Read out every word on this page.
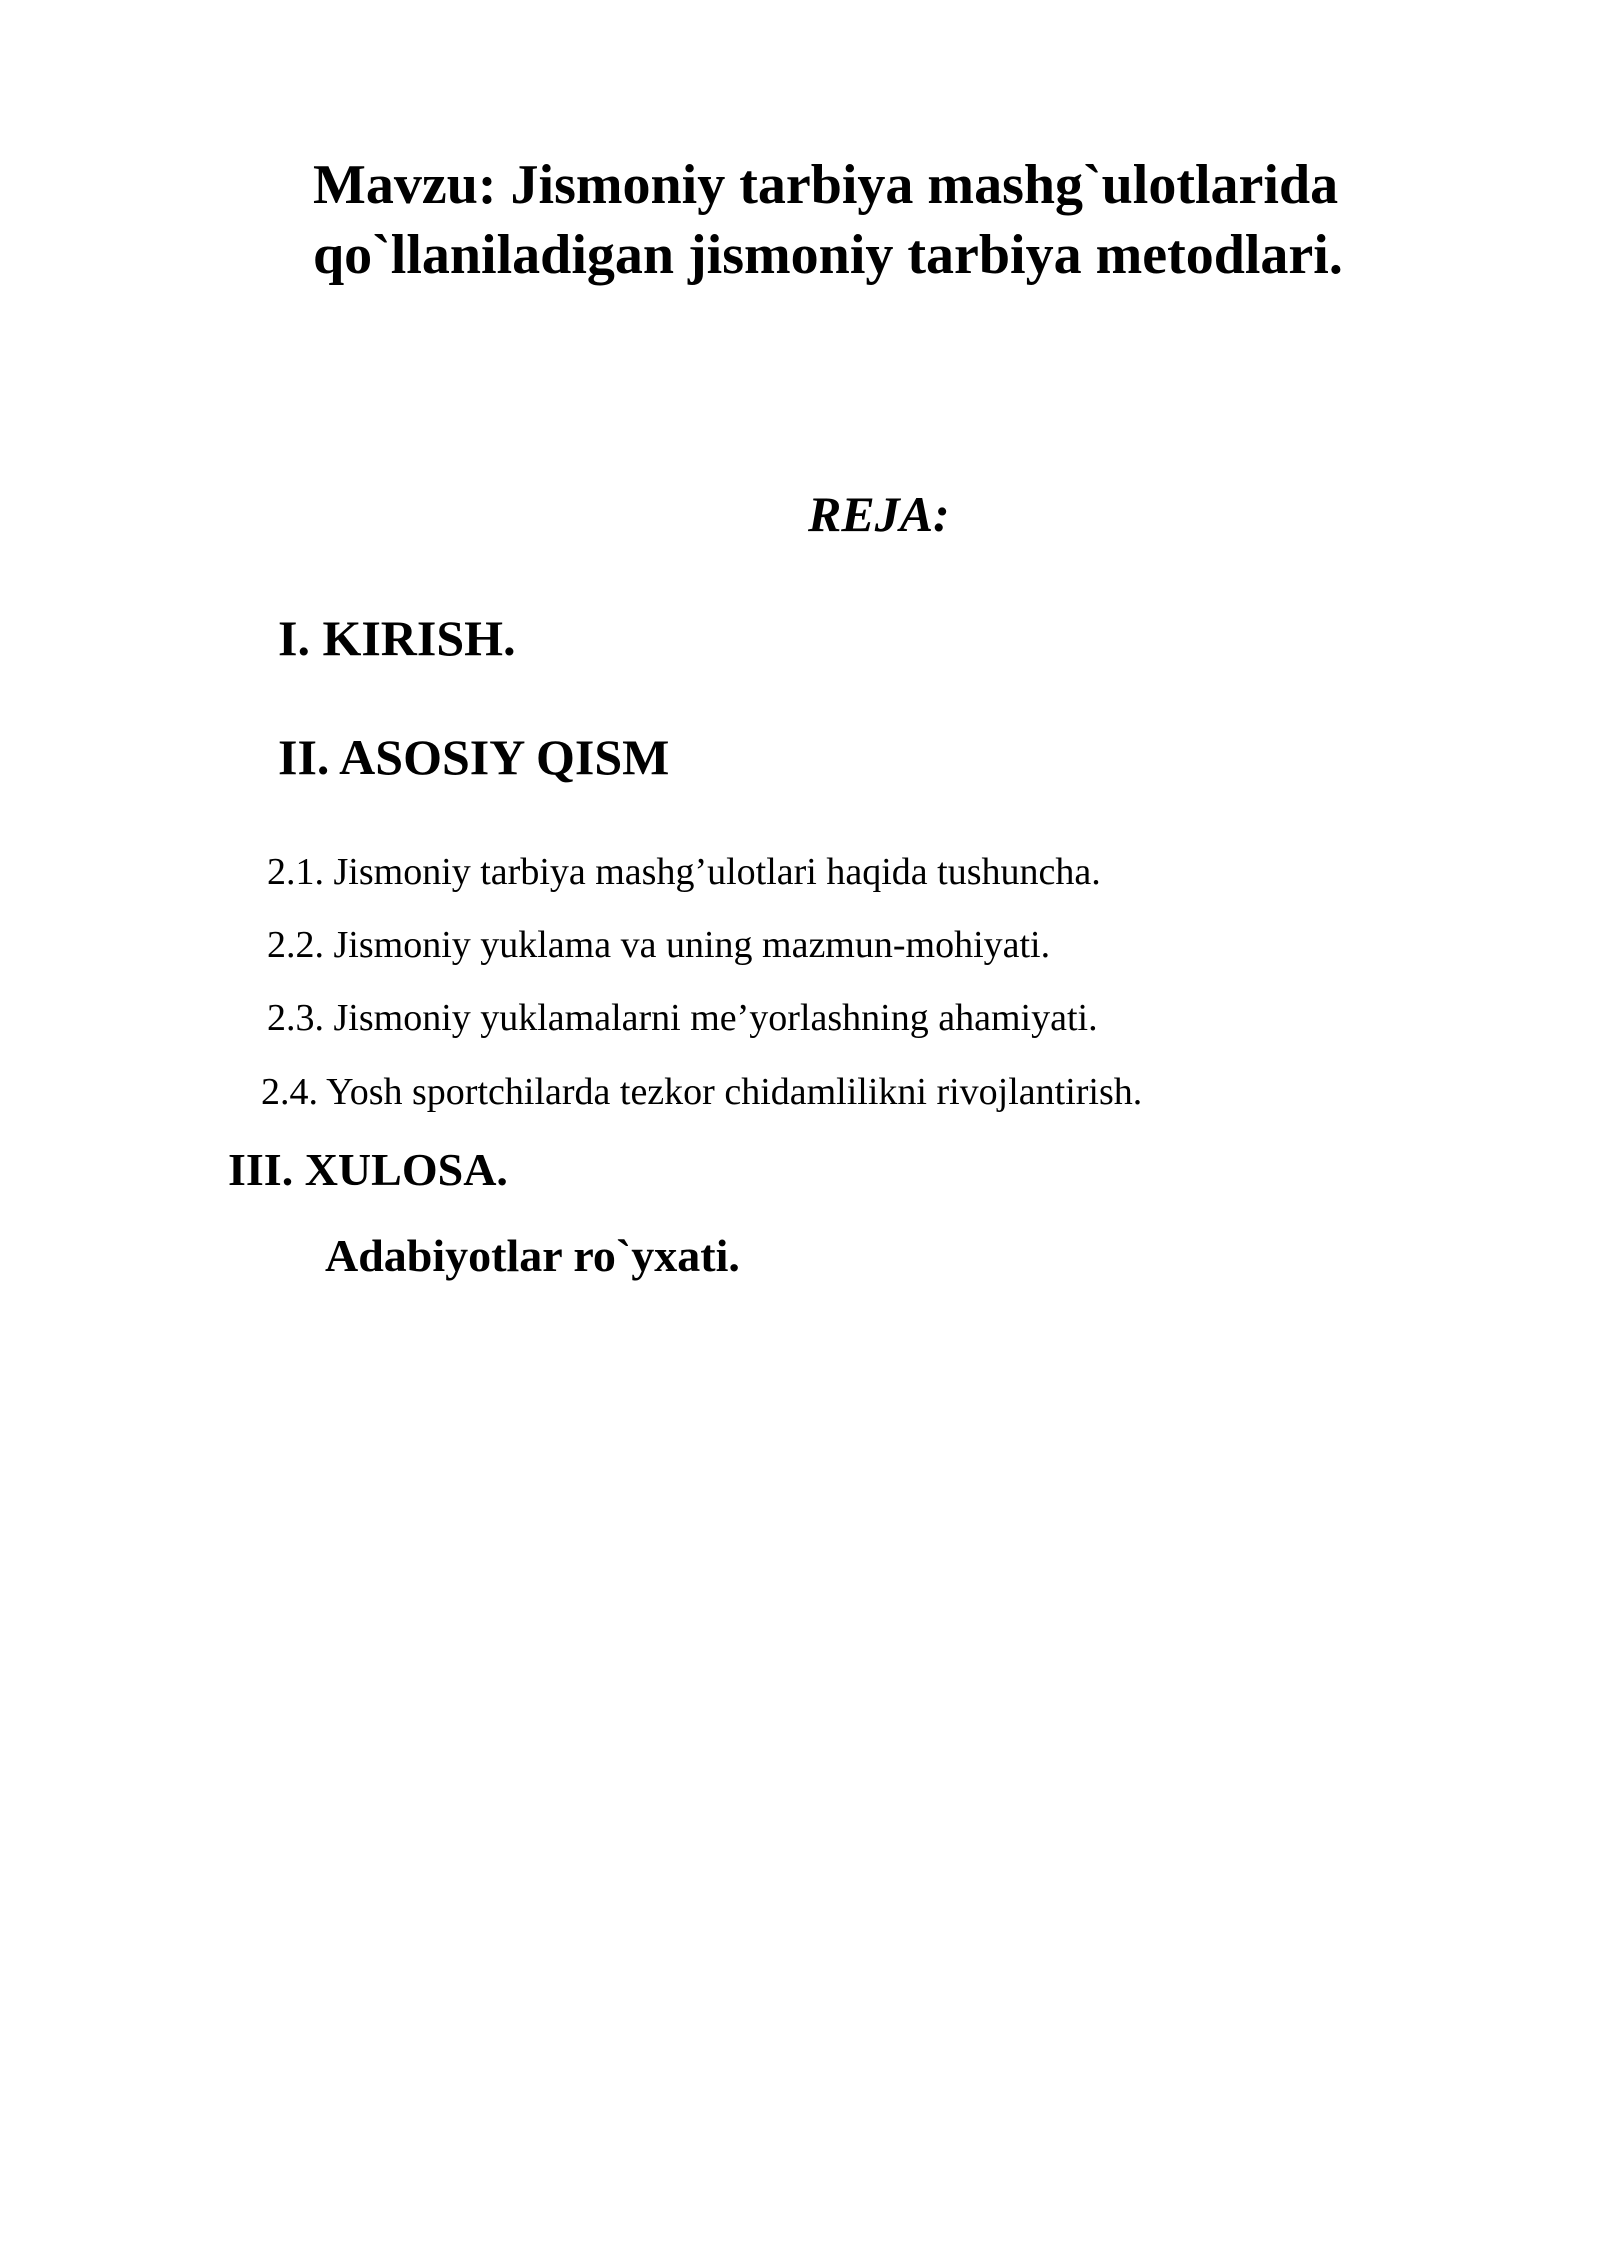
Mavzu: Jismoniy tarbiya mashg`ulotlarida
qo`llaniladigan jismoniy tarbiya metodlari.
REJA:
I. KIRISH.
II. ASOSIY QISM
2.1. Jismoniy tarbiya mashg’ulotlari haqida tushuncha.
2.2. Jismoniy yuklama va uning mazmun-mohiyati.
2.3. Jismoniy yuklamalarni me’yorlashning ahamiyati.
2.4. Yosh sportchilarda tezkor chidamlilikni rivojlantirish.
III. XULOSA.
Adabiyotlar ro`yxati.
